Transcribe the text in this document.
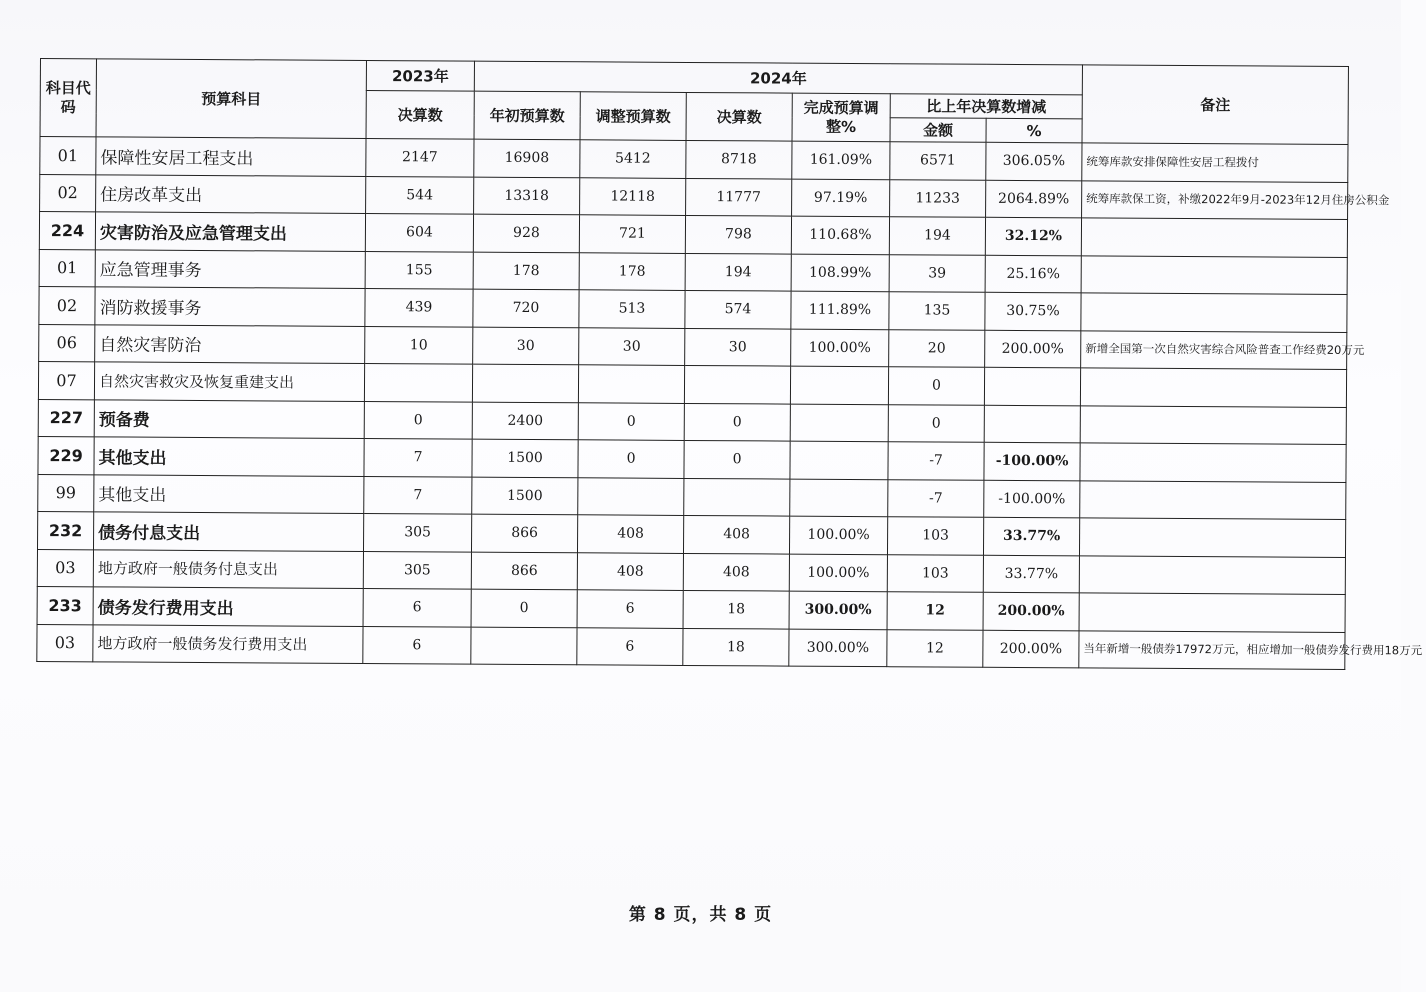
科目代码	预算科目	2023年	2024年						备注
		决算数	年初预算数	调整预算数	决算数	完成预算调整%	比上年决算数增减		
							金额	%	
01	保障性安居工程支出	2147	16908	5412	8718	161.09%	6571	306.05%	统筹库款安排保障性安居工程拨付
02	住房改革支出	544	13318	12118	11777	97.19%	11233	2064.89%	统筹库款保工资，补缴2022年9月-2023年12月住房公积金
224	灾害防治及应急管理支出	604	928	721	798	110.68%	194	32.12%	
01	应急管理事务	155	178	178	194	108.99%	39	25.16%	
02	消防救援事务	439	720	513	574	111.89%	135	30.75%	
06	自然灾害防治	10	30	30	30	100.00%	20	200.00%	新增全国第一次自然灾害综合风险普查工作经费20万元
07	自然灾害救灾及恢复重建支出						0		
227	预备费	0	2400	0	0		0		
229	其他支出	7	1500	0	0		-7	-100.00%	
99	其他支出	7	1500				-7	-100.00%	
232	债务付息支出	305	866	408	408	100.00%	103	33.77%	
03	地方政府一般债务付息支出	305	866	408	408	100.00%	103	33.77%	
233	债务发行费用支出	6	0	6	18	300.00%	12	200.00%	
03	地方政府一般债务发行费用支出	6		6	18	300.00%	12	200.00%	当年新增一般债券17972万元，相应增加一般债券发行费用18万元
第 8 页，共 8 页
